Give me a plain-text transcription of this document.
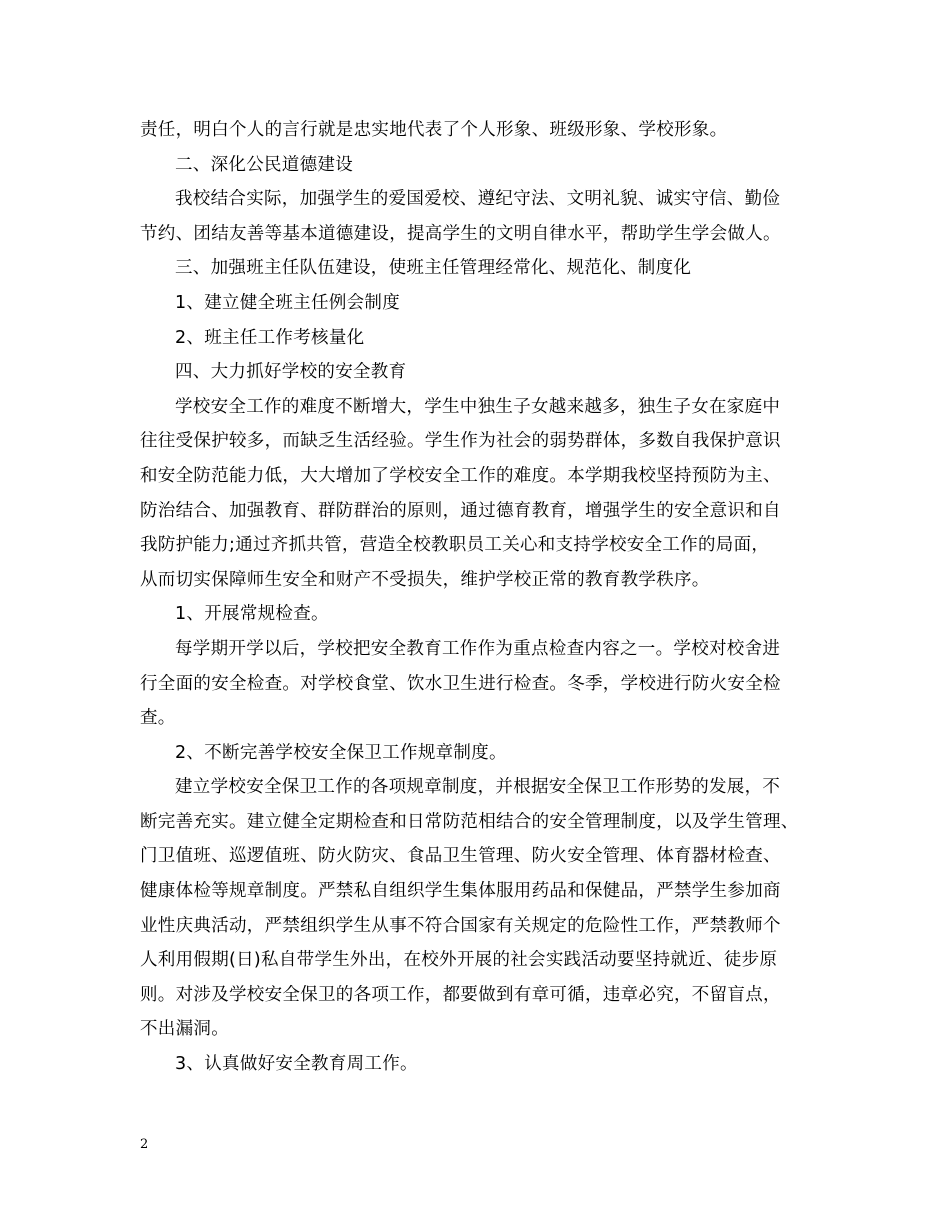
责任，明白个人的言行就是忠实地代表了个人形象、班级形象、学校形象。
二、深化公民道德建设
我校结合实际，加强学生的爱国爱校、遵纪守法、文明礼貌、诚实守信、勤俭
节约、团结友善等基本道德建设，提高学生的文明自律水平，帮助学生学会做人。
三、加强班主任队伍建设，使班主任管理经常化、规范化、制度化
1、建立健全班主任例会制度
2、班主任工作考核量化
四、大力抓好学校的安全教育
学校安全工作的难度不断增大，学生中独生子女越来越多，独生子女在家庭中
往往受保护较多，而缺乏生活经验。学生作为社会的弱势群体，多数自我保护意识
和安全防范能力低，大大增加了学校安全工作的难度。本学期我校坚持预防为主、
防治结合、加强教育、群防群治的原则，通过德育教育，增强学生的安全意识和自
我防护能力;通过齐抓共管，营造全校教职员工关心和支持学校安全工作的局面，
从而切实保障师生安全和财产不受损失，维护学校正常的教育教学秩序。
1、开展常规检查。
每学期开学以后，学校把安全教育工作作为重点检查内容之一。学校对校舍进
行全面的安全检查。对学校食堂、饮水卫生进行检查。冬季，学校进行防火安全检
查。
2、不断完善学校安全保卫工作规章制度。
建立学校安全保卫工作的各项规章制度，并根据安全保卫工作形势的发展，不
断完善充实。建立健全定期检查和日常防范相结合的安全管理制度，以及学生管理、
门卫值班、巡逻值班、防火防灾、食品卫生管理、防火安全管理、体育器材检查、
健康体检等规章制度。严禁私自组织学生集体服用药品和保健品，严禁学生参加商
业性庆典活动，严禁组织学生从事不符合国家有关规定的危险性工作，严禁教师个
人利用假期(日)私自带学生外出，在校外开展的社会实践活动要坚持就近、徒步原
则。对涉及学校安全保卫的各项工作，都要做到有章可循，违章必究，不留盲点，
不出漏洞。
3、认真做好安全教育周工作。
2
